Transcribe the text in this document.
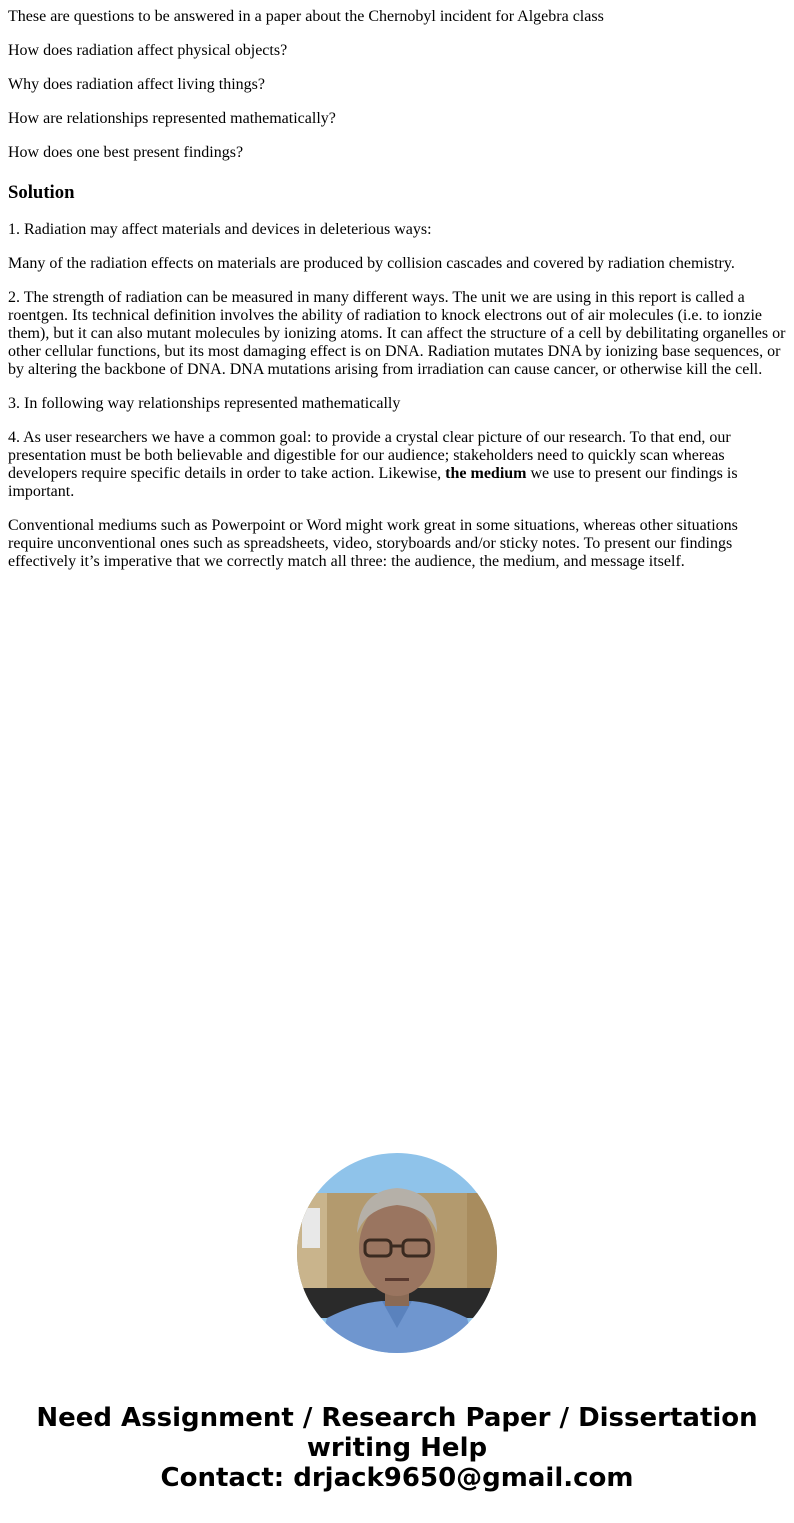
These are questions to be answered in a paper about the Chernobyl incident for Algebra class

How does radiation affect physical objects?

Why does radiation affect living things?

How are relationships represented mathematically?

How does one best present findings?

Solution

1. Radiation may affect materials and devices in deleterious ways:

Many of the radiation effects on materials are produced by collision cascades and covered by radiation chemistry.

2. The strength of radiation can be measured in many different ways. The unit we are using in this report is called a roentgen. Its technical definition involves the ability of radiation to knock electrons out of air molecules (i.e. to ionzie them), but it can also mutant molecules by ionizing atoms. It can affect the structure of a cell by debilitating organelles or other cellular functions, but its most damaging effect is on DNA. Radiation mutates DNA by ionizing base sequences, or by altering the backbone of DNA. DNA mutations arising from irradiation can cause cancer, or otherwise kill the cell.

3. In following way relationships represented mathematically

4. As user researchers we have a common goal: to provide a crystal clear picture of our research. To that end, our presentation must be both believable and digestible for our audience; stakeholders need to quickly scan whereas developers require specific details in order to take action. Likewise, the medium we use to present our findings is important.

Conventional mediums such as Powerpoint or Word might work great in some situations, whereas other situations require unconventional ones such as spreadsheets, video, storyboards and/or sticky notes. To present our findings effectively it’s imperative that we correctly match all three: the audience, the medium, and message itself.

Need Assignment / Research Paper / Dissertation
writing Help
Contact: drjack9650@gmail.com
